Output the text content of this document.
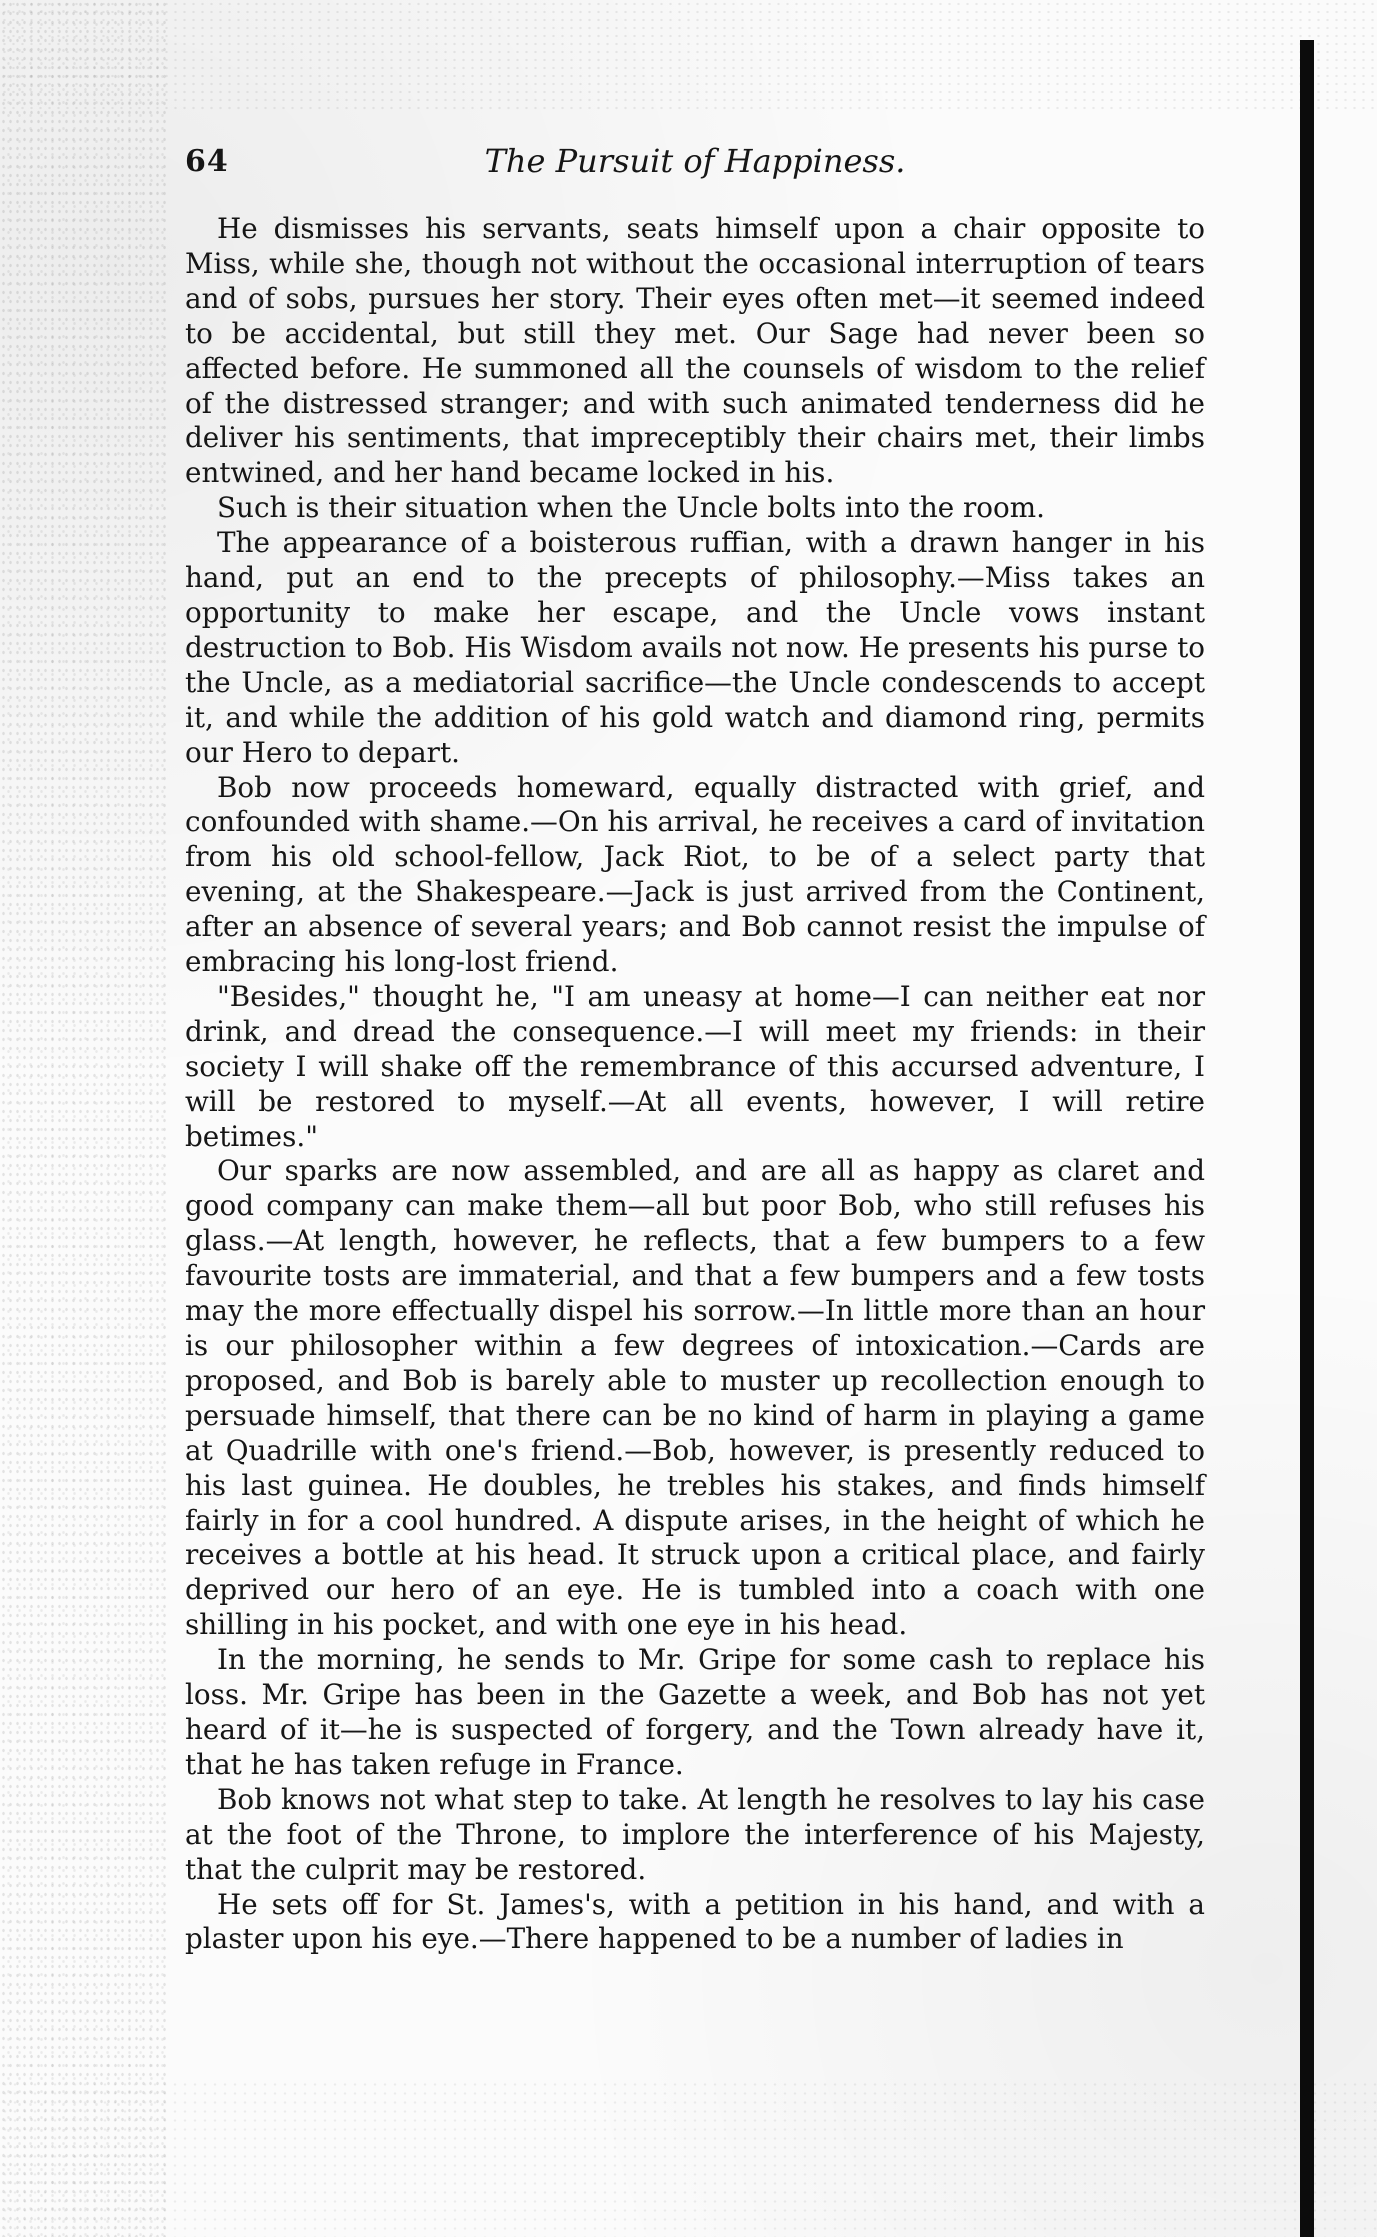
64	The Pursuit of Happiness.

He dismisses his servants, seats himself upon a chair opposite to Miss, while she, though not without the occasional interruption of tears and of sobs, pursues her story. Their eyes often met—it seemed indeed to be accidental, but still they met. Our Sage had never been so affected before. He summoned all the counsels of wisdom to the relief of the distressed stranger; and with such animated tenderness did he deliver his sentiments, that impreceptibly their chairs met, their limbs entwined, and her hand became locked in his.

Such is their situation when the Uncle bolts into the room.

The appearance of a boisterous ruffian, with a drawn hanger in his hand, put an end to the precepts of philosophy.—Miss takes an opportunity to make her escape, and the Uncle vows instant destruction to Bob. His Wisdom avails not now. He presents his purse to the Uncle, as a mediatorial sacrifice—the Uncle condescends to accept it, and while the addition of his gold watch and diamond ring, permits our Hero to depart.

Bob now proceeds homeward, equally distracted with grief, and confounded with shame.—On his arrival, he receives a card of invitation from his old school-fellow, Jack Riot, to be of a select party that evening, at the Shakespeare.—Jack is just arrived from the Continent, after an absence of several years; and Bob cannot resist the impulse of embracing his long-lost friend.

"Besides," thought he, "I am uneasy at home—I can neither eat nor drink, and dread the consequence.—I will meet my friends: in their society I will shake off the remembrance of this accursed adventure, I will be restored to myself.—At all events, however, I will retire betimes."

Our sparks are now assembled, and are all as happy as claret and good company can make them—all but poor Bob, who still refuses his glass.—At length, however, he reflects, that a few bumpers to a few favourite tosts are immaterial, and that a few bumpers and a few tosts may the more effectually dispel his sorrow.—In little more than an hour is our philosopher within a few degrees of intoxication.—Cards are proposed, and Bob is barely able to muster up recollection enough to persuade himself, that there can be no kind of harm in playing a game at Quadrille with one's friend.—Bob, however, is presently reduced to his last guinea. He doubles, he trebles his stakes, and finds himself fairly in for a cool hundred. A dispute arises, in the height of which he receives a bottle at his head. It struck upon a critical place, and fairly deprived our hero of an eye. He is tumbled into a coach with one shilling in his pocket, and with one eye in his head.

In the morning, he sends to Mr. Gripe for some cash to replace his loss. Mr. Gripe has been in the Gazette a week, and Bob has not yet heard of it—he is suspected of forgery, and the Town already have it, that he has taken refuge in France.

Bob knows not what step to take. At length he resolves to lay his case at the foot of the Throne, to implore the interference of his Majesty, that the culprit may be restored.

He sets off for St. James's, with a petition in his hand, and with a plaster upon his eye.—There happened to be a number of ladies in
